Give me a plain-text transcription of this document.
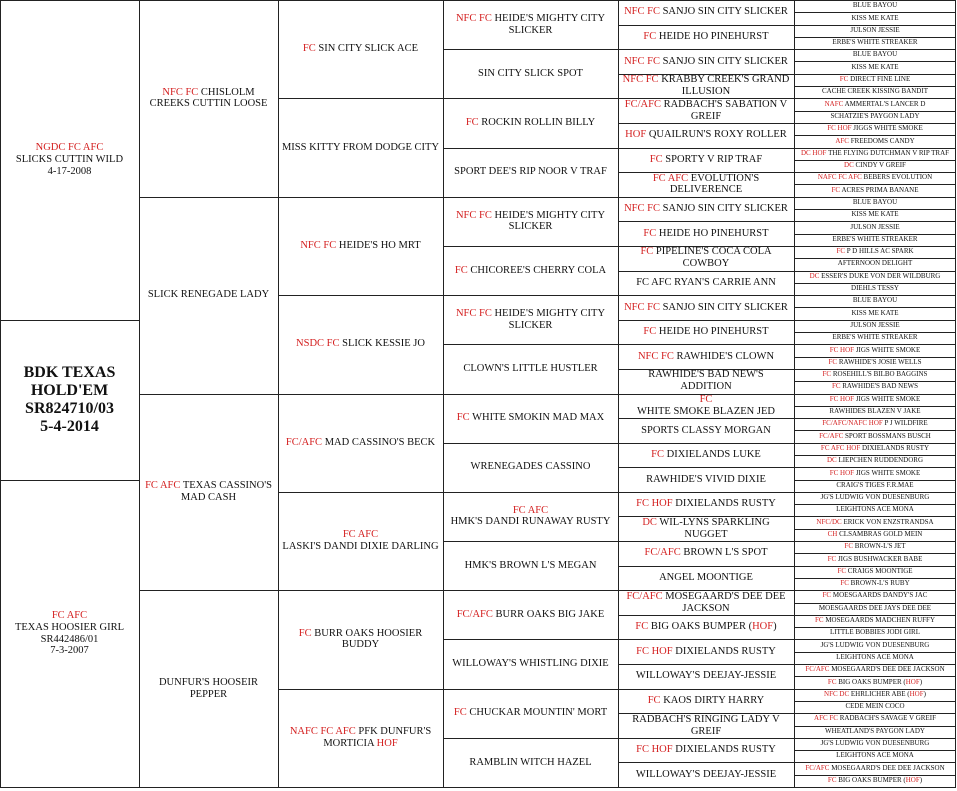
NFC FC CHISLOLM
CREEKS CUTTIN LOOSE
SLICK RENEGADE LADY
FC AFC TEXAS CASSINO'S
MAD CASH
DUNFUR'S HOOSEIR
PEPPER
FC SIN CITY SLICK ACE
MISS KITTY FROM DODGE CITY
NFC FC HEIDE'S HO MRT
NSDC FC SLICK KESSIE JO
FC/AFC MAD CASSINO'S BECK
FC AFC
LASKI'S DANDI DIXIE DARLING
FC BURR OAKS HOOSIER
BUDDY
NAFC FC AFC PFK DUNFUR'S
MORTICIA HOF
NFC FC HEIDE'S MIGHTY CITY
SLICKER
SIN CITY SLICK SPOT
FC ROCKIN ROLLIN BILLY
SPORT DEE'S RIP NOOR V TRAF
NFC FC HEIDE'S MIGHTY CITY
SLICKER
FC CHICOREE'S CHERRY COLA
NFC FC HEIDE'S MIGHTY CITY
SLICKER
CLOWN'S LITTLE HUSTLER
FC WHITE SMOKIN MAD MAX
WRENEGADES CASSINO
FC AFC
HMK'S DANDI RUNAWAY RUSTY
HMK'S BROWN L'S MEGAN
FC/AFC BURR OAKS BIG JAKE
WILLOWAY'S WHISTLING DIXIE
FC CHUCKAR MOUNTIN' MORT
RAMBLIN WITCH HAZEL
NFC FC SANJO SIN CITY SLICKER
FC HEIDE HO PINEHURST
NFC FC SANJO SIN CITY SLICKER
NFC FC KRABBY CREEK'S GRAND
ILLUSION
FC/AFC RADBACH'S SABATION V
GREIF
HOF QUAILRUN'S ROXY ROLLER
FC SPORTY V RIP TRAF
FC AFC EVOLUTION'S
DELIVERENCE
NFC FC SANJO SIN CITY SLICKER
FC HEIDE HO PINEHURST
FC PIPELINE'S COCA COLA
COWBOY
FC AFC RYAN'S CARRIE ANN
NFC FC SANJO SIN CITY SLICKER
FC HEIDE HO PINEHURST
NFC FC RAWHIDE'S CLOWN
RAWHIDE'S BAD NEW'S
ADDITION
FC
WHITE SMOKE BLAZEN JED
SPORTS CLASSY MORGAN
FC DIXIELANDS LUKE
RAWHIDE'S VIVID DIXIE
FC HOF DIXIELANDS RUSTY
DC WIL-LYNS SPARKLING
NUGGET
FC/AFC BROWN L'S SPOT
ANGEL MOONTIGE
FC/AFC MOSEGAARD'S DEE DEE
JACKSON
FC BIG OAKS BUMPER (HOF)
FC HOF DIXIELANDS RUSTY
WILLOWAY'S DEEJAY-JESSIE
FC KAOS DIRTY HARRY
RADBACH'S RINGING LADY V
GREIF
FC HOF DIXIELANDS RUSTY
WILLOWAY'S DEEJAY-JESSIE
BLUE BAYOU
KISS ME KATE
JULSON JESSIE
ERBE'S WHITE STREAKER
BLUE BAYOU
KISS ME KATE
FC DIRECT FINE LINE
CACHE CREEK KISSING BANDIT
NAFC AMMERTAL'S LANCER D
SCHATZIE'S PAYGON LADY
FC HOF JIGGS WHITE SMOKE
AFC FREEDOMS CANDY
DC HOF THE FLYING DUTCHMAN V RIP TRAF
DC CINDY V GREIF
NAFC FC AFC BEBERS EVOLUTION
FC ACRES PRIMA BANANE
BLUE BAYOU
KISS ME KATE
JULSON JESSIE
ERBE'S WHITE STREAKER
FC P D HILLS AC SPARK
AFTERNOON DELIGHT
DC ESSER'S DUKE VON DER WILDBURG
DIEHLS TESSY
BLUE BAYOU
KISS ME KATE
JULSON JESSIE
ERBE'S WHITE STREAKER
FC HOF JIGS WHITE SMOKE
FC RAWHIDE'S JOSIE WELLS
FC ROSEHILL'S BILBO BAGGINS
FC RAWHIDE'S BAD NEWS
FC HOF JIGS WHITE SMOKE
RAWHIDES BLAZEN V JAKE
FC/AFC/NAFC HOF P J WILDFIRE
FC/AFC SPORT BOSSMANS BUSCH
FC AFC HOF DIXIELANDS RUSTY
DC LIEPCHEN RUDDENDORG
FC HOF JIGS WHITE SMOKE
CRAIG'S TIGES F.R.MAE
JG'S LUDWIG VON DUESENBURG
LEIGHTONS ACE MONA
NFC/DC ERICK VON ENZSTRANDSA
CH CLSAMBRAS GOLD MEIN
FC BROWN-L'S JET
FC JIGS BUSHWACKER BABE
FC CRAIGS MOONTIGE
FC BROWN-L'S RUBY
FC MOESGAARDS DANDY'S JAC
MOESGAARDS DEE JAYS DEE DEE
FC MOSEGAARDS MADCHEN RUFFY
LITTLE BOBBIES JODI GIRL
JG'S LUDWIG VON DUESENBURG
LEIGHTONS ACE MONA
FC/AFC MOSEGAARD'S DEE DEE JACKSON
FC BIG OAKS BUMPER (HOF)
NFC DC EHRLICHER ABE (HOF)
CEDE MEIN COCO
AFC FC RADBACH'S SAVAGE V GREIF
WHEATLAND'S PAYGON LADY
JG'S LUDWIG VON DUESENBURG
LEIGHTONS ACE MONA
FC/AFC MOSEGAARD'S DEE DEE JACKSON
FC BIG OAKS BUMPER (HOF)
NGDC FC AFC
SLICKS CUTTIN WILD
4-17-2008
BDK TEXAS
HOLD'EM
SR824710/03
5-4-2014
FC AFC
TEXAS HOOSIER GIRL
SR442486/01
7-3-2007
